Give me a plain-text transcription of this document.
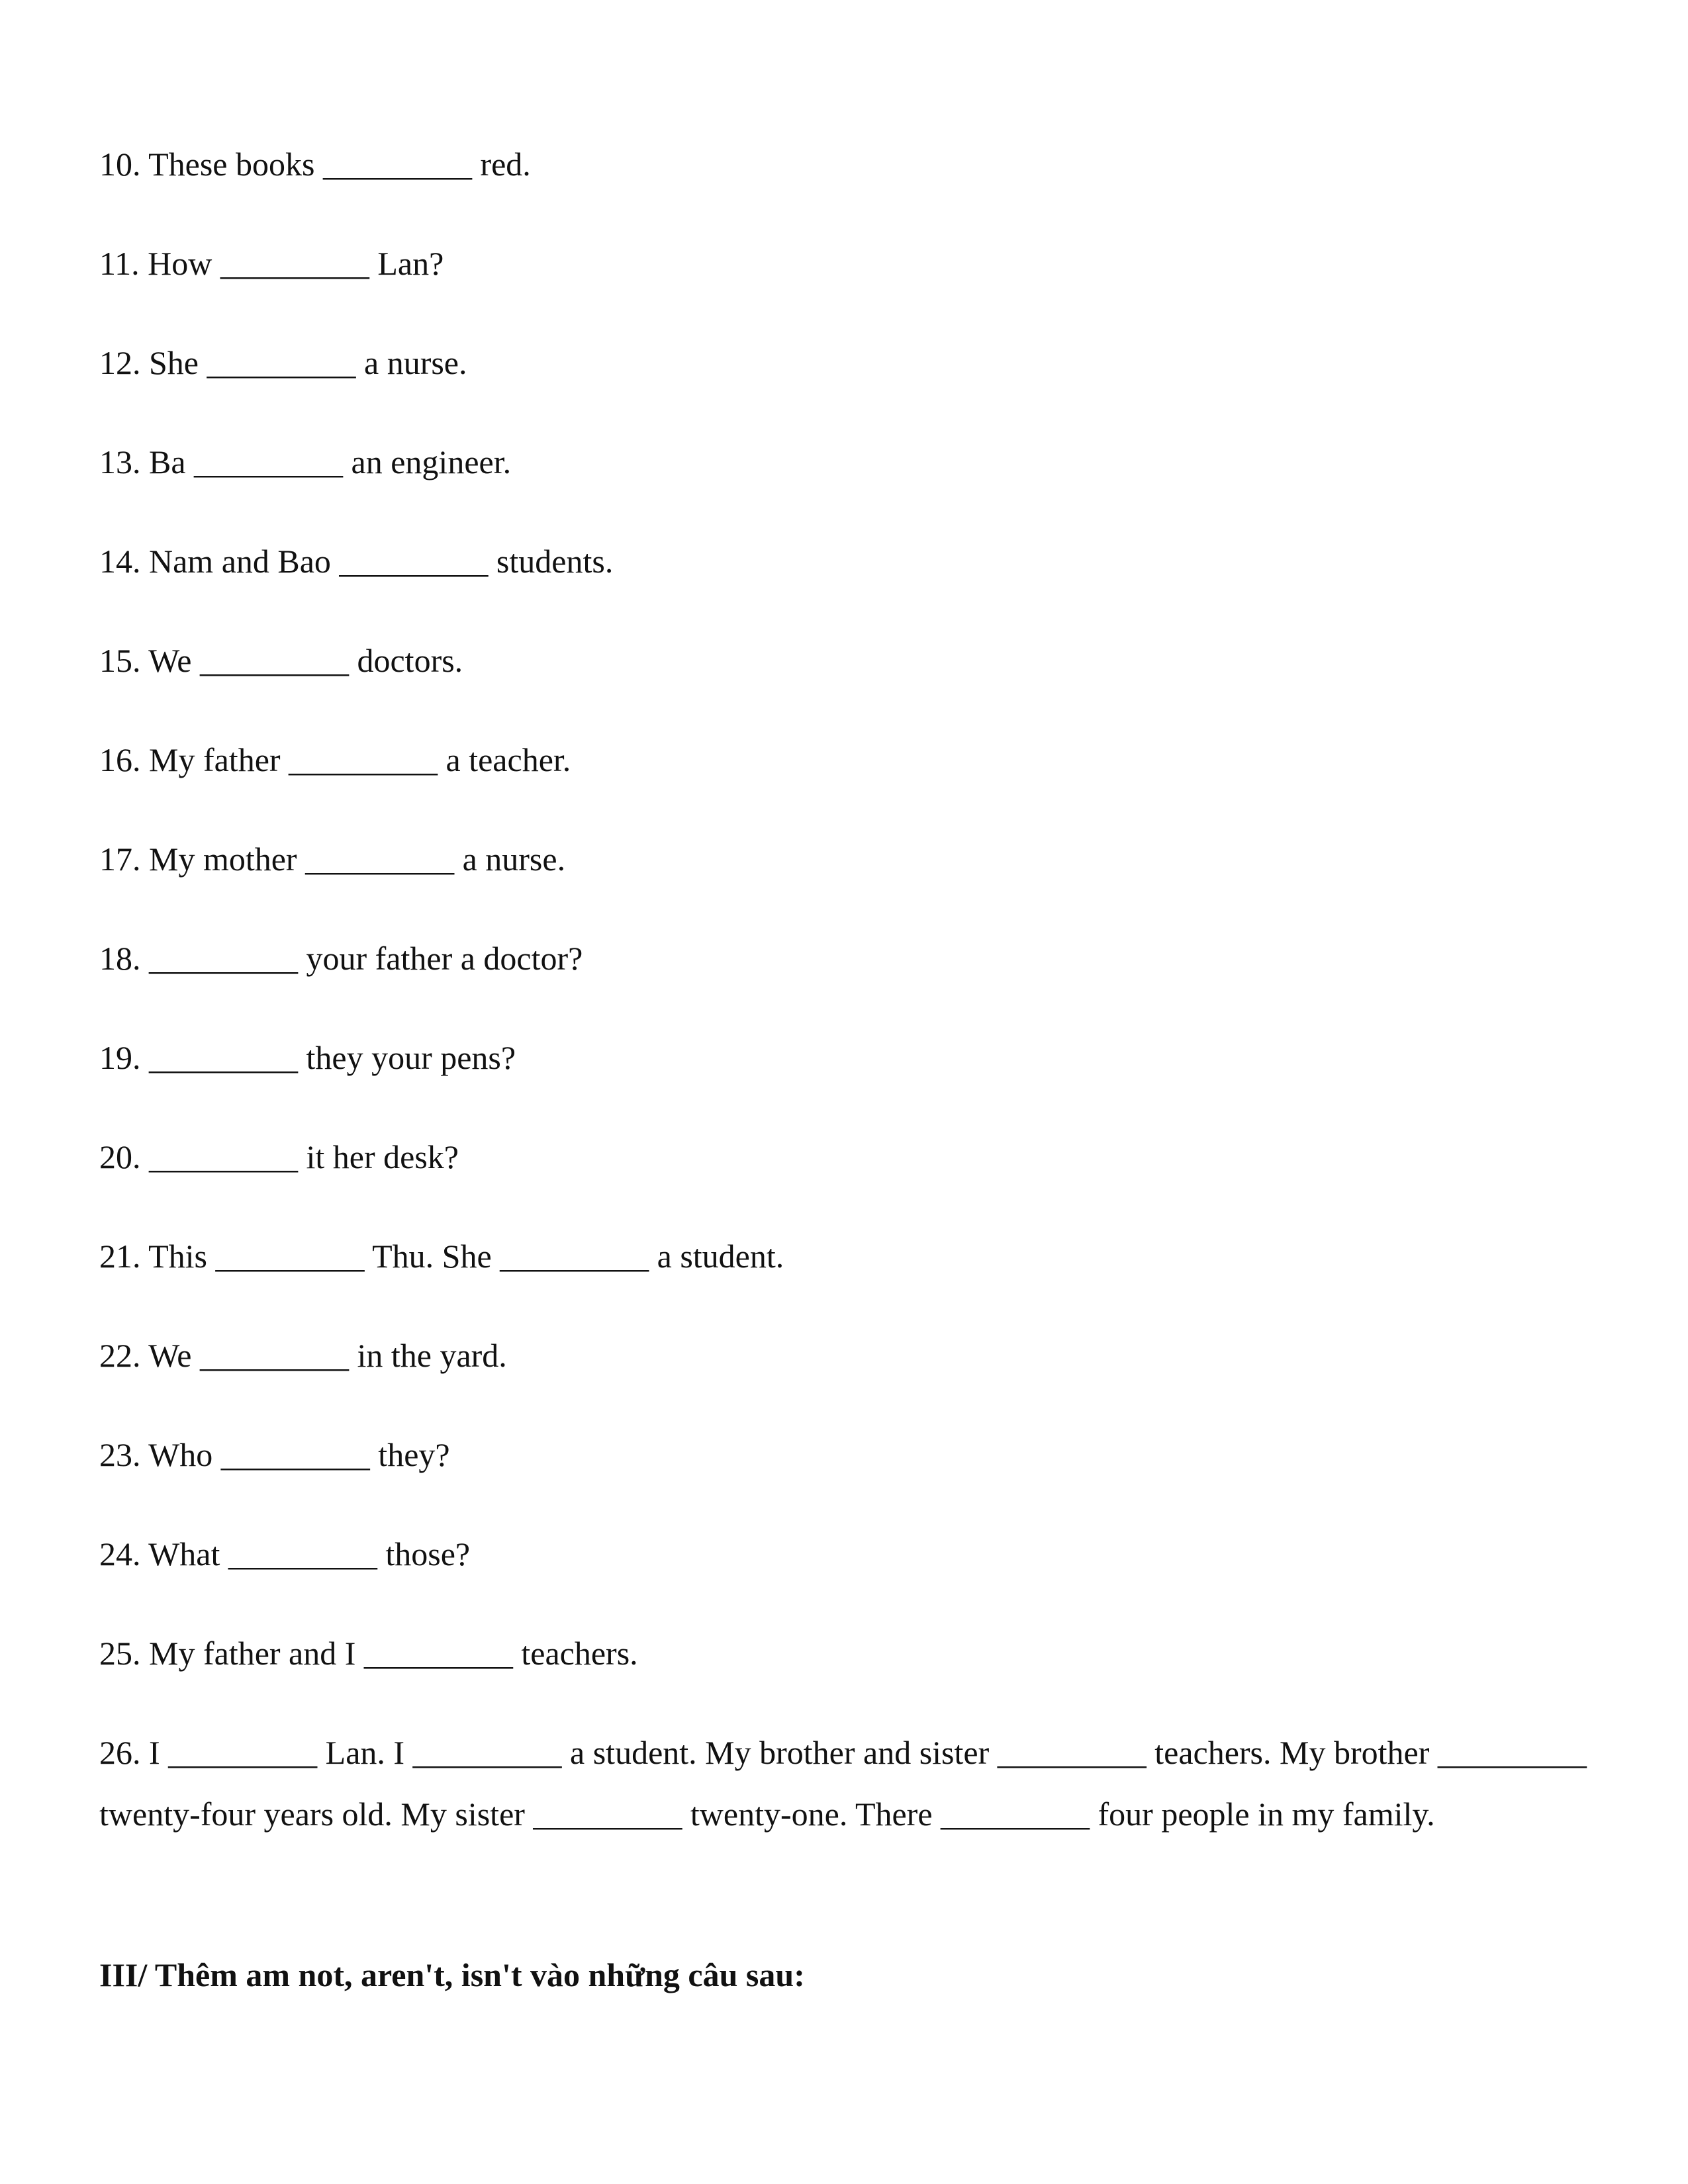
10. These books _________ red.

11. How _________ Lan?

12. She _________ a nurse.

13. Ba _________ an engineer.

14. Nam and Bao _________ students.

15. We _________ doctors.

16. My father _________ a teacher.

17. My mother _________ a nurse.

18. _________ your father a doctor?

19. _________ they your pens?

20. _________ it her desk?

21. This _________ Thu. She _________ a student.

22. We _________ in the yard.

23. Who _________ they?

24. What _________ those?

25. My father and I _________ teachers.

26. I _________ Lan. I _________ a student. My brother and sister _________ teachers. My brother _________ twenty-four years old. My sister _________ twenty-one. There _________ four people in my family.

III/ Thêm am not, aren't, isn't vào những câu sau:
